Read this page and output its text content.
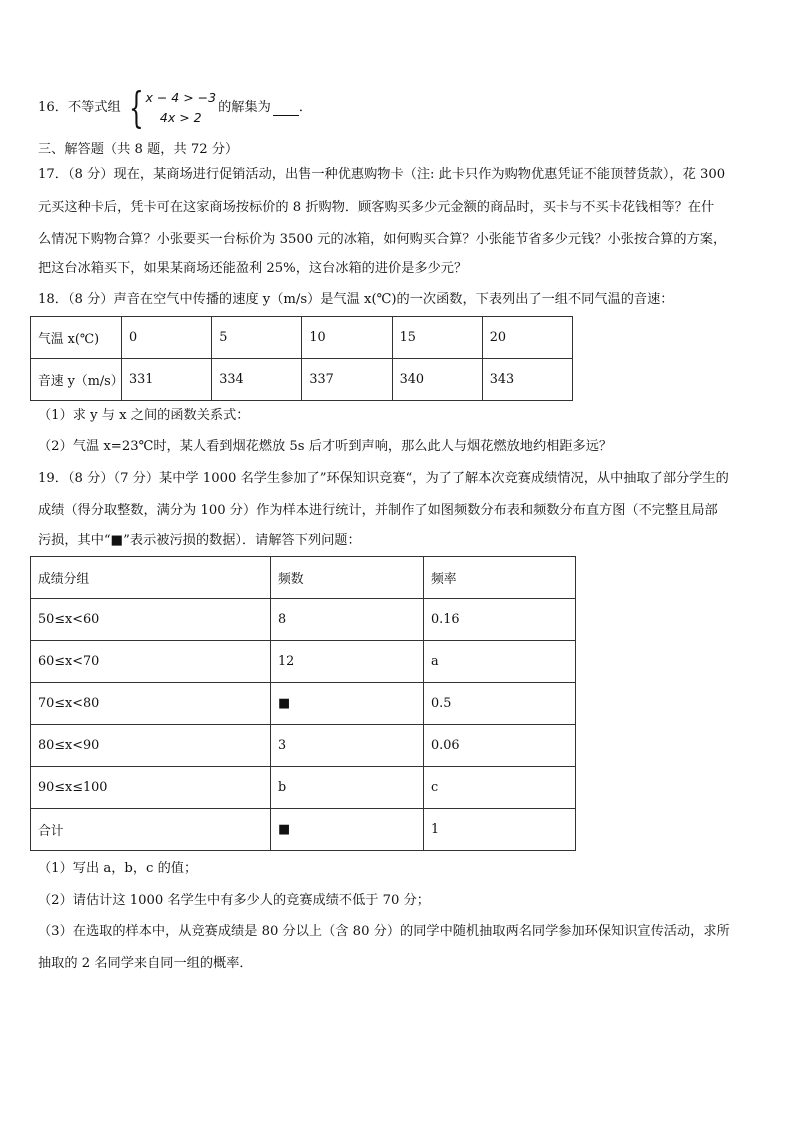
16．不等式组 { x − 4 > −3
4x > 2
的解集为 ．
三、解答题（共 8 题，共 72 分）
17．（8 分）现在，某商场进行促销活动，出售一种优惠购物卡（注: 此卡只作为购物优惠凭证不能顶替货款），花 300
元买这种卡后，凭卡可在这家商场按标价的 8 折购物．顾客购买多少元金额的商品时，买卡与不买卡花钱相等？在什
么情况下购物合算？小张要买一台标价为 3500 元的冰箱，如何购买合算？小张能节省多少元钱？小张按合算的方案，
把这台冰箱买下，如果某商场还能盈利 25%，这台冰箱的进价是多少元？
18．（8 分）声音在空气中传播的速度 y（m/s）是气温 x(℃)的一次函数，下表列出了一组不同气温的音速：
气温 x(℃)	0	5	10	15	20
音速 y（m/s）	331	334	337	340	343
（1）求 y 与 x 之间的函数关系式：
（2）气温 x=23℃时，某人看到烟花燃放 5s 后才听到声响，那么此人与烟花燃放地约相距多远？
19．（8 分）（7 分）某中学 1000 名学生参加了”环保知识竞赛“，为了了解本次竞赛成绩情况，从中抽取了部分学生的
成绩（得分取整数，满分为 100 分）作为样本进行统计，并制作了如图频数分布表和频数分布直方图（不完整且局部
污损，其中“■”表示被污损的数据）．请解答下列问题：
成绩分组	频数	频率
50≤x<60	8	0.16
60≤x<70	12	a
70≤x<80	■	0.5
80≤x<90	3	0.06
90≤x≤100	b	c
合计	■	1
（1）写出 a，b，c 的值；
（2）请估计这 1000 名学生中有多少人的竞赛成绩不低于 70 分；
（3）在选取的样本中，从竞赛成绩是 80 分以上（含 80 分）的同学中随机抽取两名同学参加环保知识宣传活动，求所
抽取的 2 名同学来自同一组的概率．
